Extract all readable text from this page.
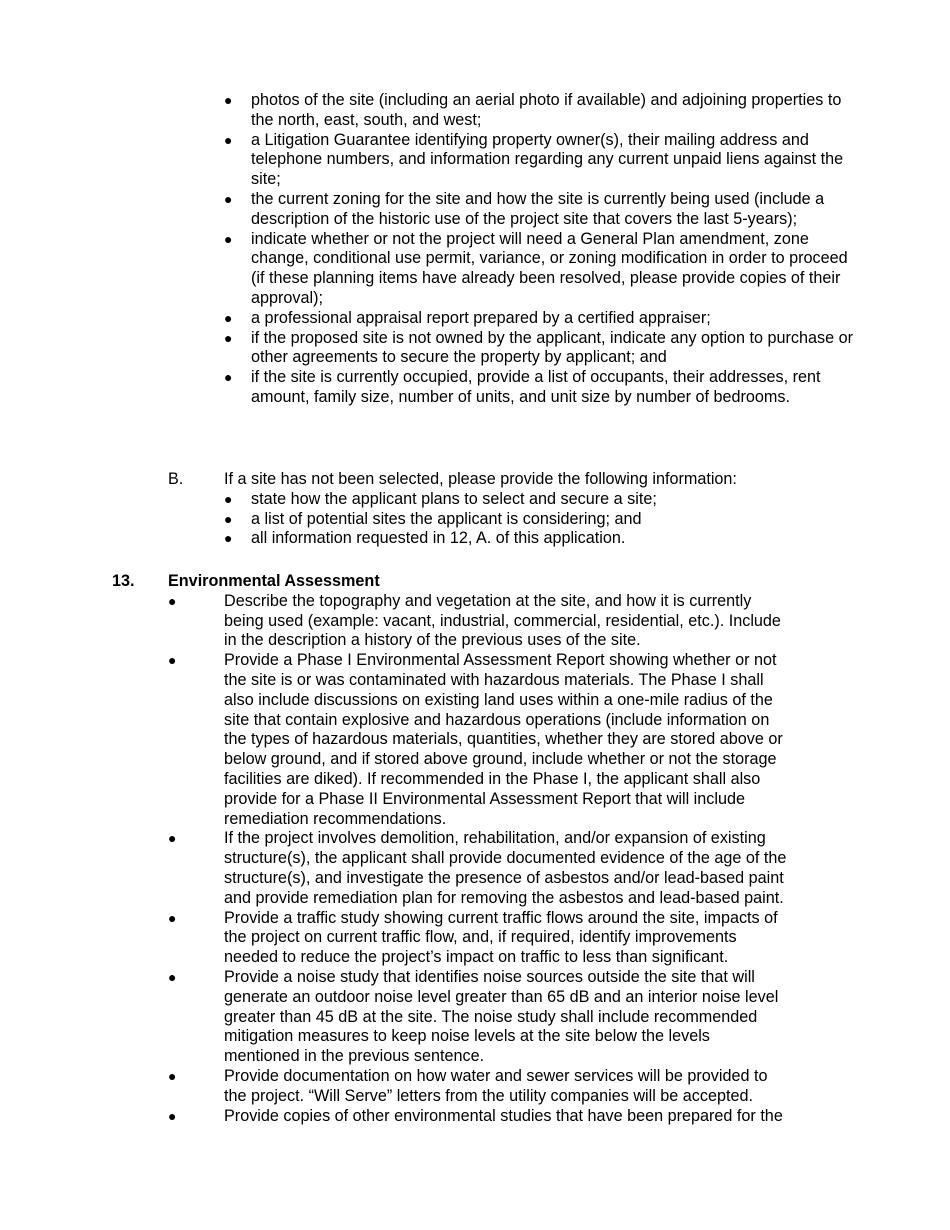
● photos of the site (including an aerial photo if available) and adjoining properties to the north, east, south, and west;
● a Litigation Guarantee identifying property owner(s), their mailing address and telephone numbers, and information regarding any current unpaid liens against the site;
● the current zoning for the site and how the site is currently being used (include a description of the historic use of the project site that covers the last 5-years);
● indicate whether or not the project will need a General Plan amendment, zone change, conditional use permit, variance, or zoning modification in order to proceed (if these planning items have already been resolved, please provide copies of their approval);
● a professional appraisal report prepared by a certified appraiser;
● if the proposed site is not owned by the applicant, indicate any option to purchase or other agreements to secure the property by applicant; and
● if the site is currently occupied, provide a list of occupants, their addresses, rent amount, family size, number of units, and unit size by number of bedrooms.
B.	If a site has not been selected, please provide the following information:
● state how the applicant plans to select and secure a site;
● a list of potential sites the applicant is considering; and
● all information requested in 12, A. of this application.
13. Environmental Assessment
●	Describe the topography and vegetation at the site, and how it is currently being used (example: vacant, industrial, commercial, residential, etc.). Include in the description a history of the previous uses of the site.
●	Provide a Phase I Environmental Assessment Report showing whether or not the site is or was contaminated with hazardous materials. The Phase I shall also include discussions on existing land uses within a one-mile radius of the site that contain explosive and hazardous operations (include information on the types of hazardous materials, quantities, whether they are stored above or below ground, and if stored above ground, include whether or not the storage facilities are diked). If recommended in the Phase I, the applicant shall also provide for a Phase II Environmental Assessment Report that will include remediation recommendations.
●	If the project involves demolition, rehabilitation, and/or expansion of existing structure(s), the applicant shall provide documented evidence of the age of the structure(s), and investigate the presence of asbestos and/or lead-based paint and provide remediation plan for removing the asbestos and lead-based paint.
●	Provide a traffic study showing current traffic flows around the site, impacts of the project on current traffic flow, and, if required, identify improvements needed to reduce the project’s impact on traffic to less than significant.
●	Provide a noise study that identifies noise sources outside the site that will generate an outdoor noise level greater than 65 dB and an interior noise level greater than 45 dB at the site. The noise study shall include recommended mitigation measures to keep noise levels at the site below the levels mentioned in the previous sentence.
●	Provide documentation on how water and sewer services will be provided to the project. “Will Serve” letters from the utility companies will be accepted.
●	Provide copies of other environmental studies that have been prepared for the
